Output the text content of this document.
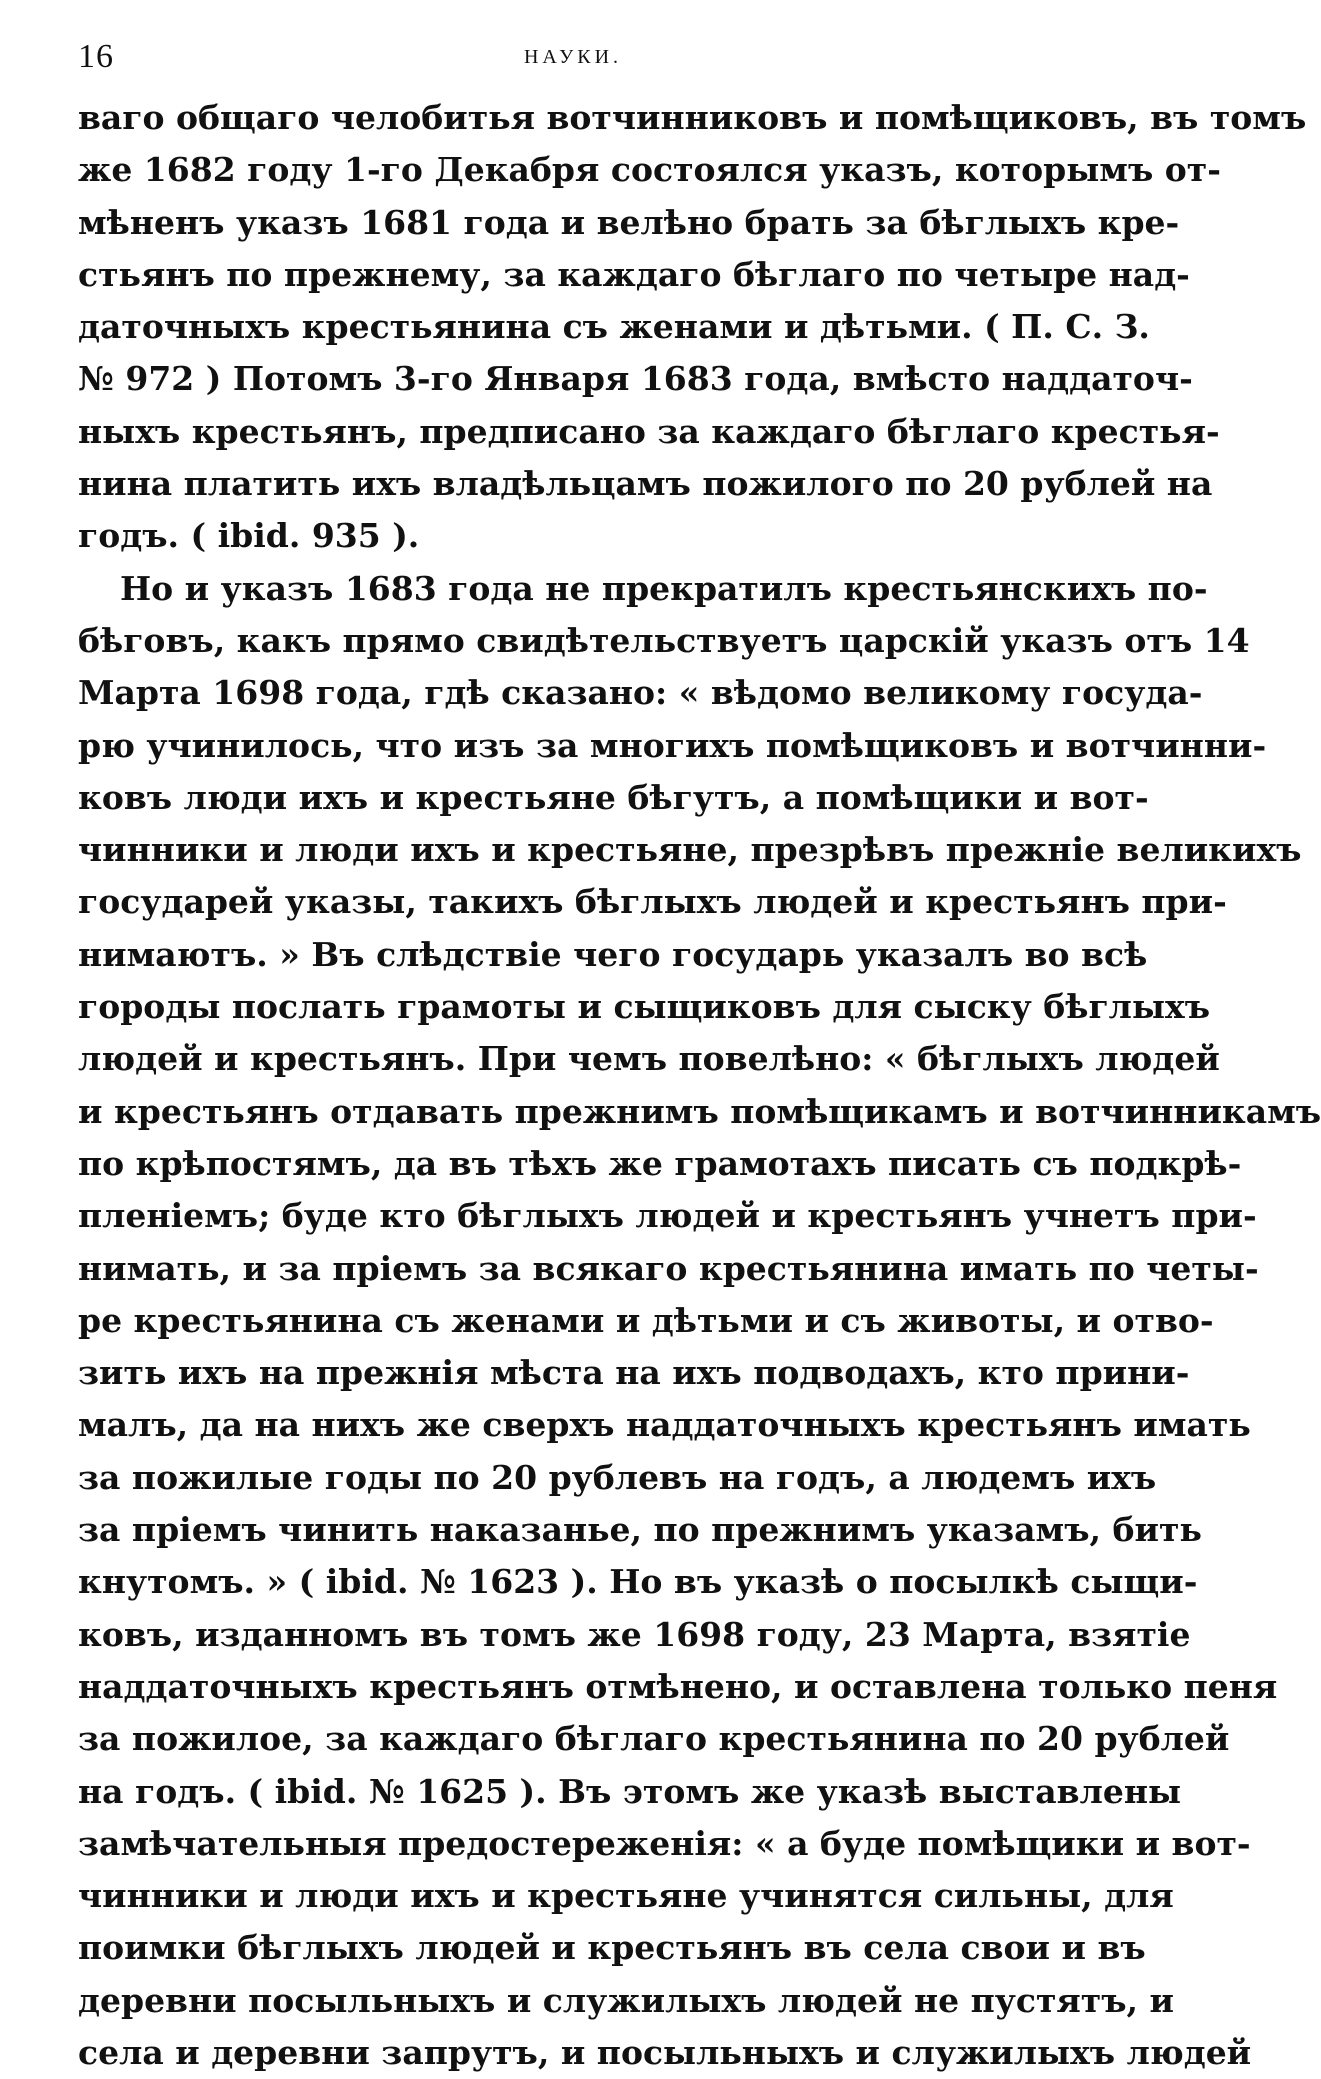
16	НАУКИ.
ваго общаго челобитья вотчинниковъ и помѣщиковъ, въ томъ
же 1682 году 1-го Декабря состоялся указъ, которымъ от-
мѣненъ указъ 1681 года и велѣно брать за бѣглыхъ кре-
стьянъ по прежнему, за каждаго бѣглаго по четыре над-
даточныхъ крестьянина съ женами и дѣтьми. ( П. С. З.
№ 972 ) Потомъ 3-го Января 1683 года, вмѣсто наддаточ-
ныхъ крестьянъ, предписано за каждаго бѣглаго крестья-
нина платить ихъ владѣльцамъ пожилого по 20 рублей на
годъ. ( ibid. 935 ).
Но и указъ 1683 года не прекратилъ крестьянскихъ по-
бѣговъ, какъ прямо свидѣтельствуетъ царскій указъ отъ 14
Марта 1698 года, гдѣ сказано: « вѣдомо великому госуда-
рю учинилось, что изъ за многихъ помѣщиковъ и вотчинни-
ковъ люди ихъ и крестьяне бѣгутъ, а помѣщики и вот-
чинники и люди ихъ и крестьяне, презрѣвъ прежніе великихъ
государей указы, такихъ бѣглыхъ людей и крестьянъ при-
нимаютъ. » Въ слѣдствіе чего государь указалъ во всѣ
городы послать грамоты и сыщиковъ для сыску бѣглыхъ
людей и крестьянъ. При чемъ повелѣно: « бѣглыхъ людей
и крестьянъ отдавать прежнимъ помѣщикамъ и вотчинникамъ
по крѣпостямъ, да въ тѣхъ же грамотахъ писать съ подкрѣ-
пленіемъ; буде кто бѣглыхъ людей и крестьянъ учнетъ при-
нимать, и за пріемъ за всякаго крестьянина имать по четы-
ре крестьянина съ женами и дѣтьми и съ животы, и отво-
зить ихъ на прежнія мѣста на ихъ подводахъ, кто прини-
малъ, да на нихъ же сверхъ наддаточныхъ крестьянъ имать
за пожилые годы по 20 рублевъ на годъ, а людемъ ихъ
за пріемъ чинить наказанье, по прежнимъ указамъ, бить
кнутомъ. » ( ibid. № 1623 ). Но въ указѣ о посылкѣ сыщи-
ковъ, изданномъ въ томъ же 1698 году, 23 Марта, взятіе
наддаточныхъ крестьянъ отмѣнено, и оставлена только пеня
за пожилое, за каждаго бѣглаго крестьянина по 20 рублей
на годъ. ( ibid. № 1625 ). Въ этомъ же указѣ выставлены
замѣчательныя предостереженія: « а буде помѣщики и вот-
чинники и люди ихъ и крестьяне учинятся сильны, для
поимки бѣглыхъ людей и крестьянъ въ села свои и въ
деревни посыльныхъ и служилыхъ людей не пустятъ, и
села и деревни запрутъ, и посыльныхъ и служилыхъ людей
